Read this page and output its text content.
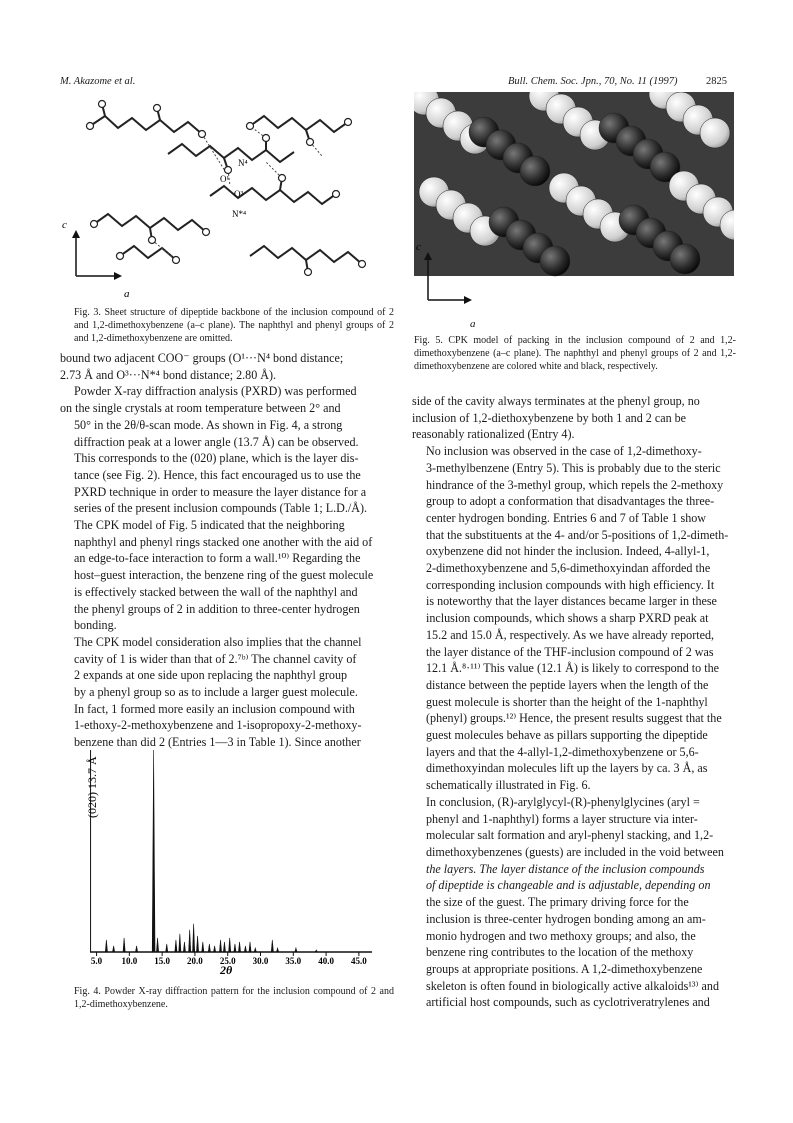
M. Akazome et al.	Bull. Chem. Soc. Jpn., 70, No. 11 (1997)	2825
N⁴
O¹
O³
N*⁴
c
a
Fig. 3. Sheet structure of dipeptide backbone of the inclusion compound of 2 and 1,2-dimethoxybenzene (a–c plane). The naphthyl and phenyl groups of 2 and 1,2-dimethoxybenzene are omitted.
c
a
Fig. 5. CPK model of packing in the inclusion compound of 2 and 1,2-dimethoxybenzene (a–c plane). The naphthyl and phenyl groups of 2 and 1,2-dimethoxybenzene are colored white and black, respectively.

bound two adjacent COO⁻ groups (O¹···N⁴ bond distance;
2.73 Å and O³···N*⁴ bond distance; 2.80 Å).

Powder X-ray diffraction analysis (PXRD) was performed
on the single crystals at room temperature between 2° and
50° in the 2θ/θ-scan mode. As shown in Fig. 4, a strong
diffraction peak at a lower angle (13.7 Å) can be observed.
This corresponds to the (020) plane, which is the layer dis-
tance (see Fig. 2). Hence, this fact encouraged us to use the
PXRD technique in order to measure the layer distance for a
series of the present inclusion compounds (Table 1; L.D./Å).

The CPK model of Fig. 5 indicated that the neighboring
naphthyl and phenyl rings stacked one another with the aid of
an edge-to-face interaction to form a wall.¹⁰⁾ Regarding the
host–guest interaction, the benzene ring of the guest molecule
is effectively stacked between the wall of the naphthyl and
the phenyl groups of 2 in addition to three-center hydrogen
bonding.

The CPK model consideration also implies that the channel
cavity of 1 is wider than that of 2.⁷ᵇ⁾ The channel cavity of
2 expands at one side upon replacing the naphthyl group
by a phenyl group so as to include a larger guest molecule.
In fact, 1 formed more easily an inclusion compound with
1-ethoxy-2-methoxybenzene and 1-isopropoxy-2-methoxy-
benzene than did 2 (Entries 1—3 in Table 1). Since another

5.0 10.0 15.0 20.0 25.0 30.0 35.0 40.0 45.0
(020) 13.7 Å
2θ
Fig. 4. Powder X-ray diffraction pattern for the inclusion compound of 2 and 1,2-dimethoxybenzene.

side of the cavity always terminates at the phenyl group, no
inclusion of 1,2-diethoxybenzene by both 1 and 2 can be
reasonably rationalized (Entry 4).

No inclusion was observed in the case of 1,2-dimethoxy-
3-methylbenzene (Entry 5). This is probably due to the steric
hindrance of the 3-methyl group, which repels the 2-methoxy
group to adopt a conformation that disadvantages the three-
center hydrogen bonding. Entries 6 and 7 of Table 1 show
that the substituents at the 4- and/or 5-positions of 1,2-dimeth-
oxybenzene did not hinder the inclusion. Indeed, 4-allyl-1,
2-dimethoxybenzene and 5,6-dimethoxyindan afforded the
corresponding inclusion compounds with high efficiency. It
is noteworthy that the layer distances became larger in these
inclusion compounds, which shows a sharp PXRD peak at
15.2 and 15.0 Å, respectively. As we have already reported,
the layer distance of the THF-inclusion compound of 2 was
12.1 Å.⁸·¹¹⁾ This value (12.1 Å) is likely to correspond to the
distance between the peptide layers when the length of the
guest molecule is shorter than the height of the 1-naphthyl
(phenyl) groups.¹²⁾ Hence, the present results suggest that the
guest molecules behave as pillars supporting the dipeptide
layers and that the 4-allyl-1,2-dimethoxybenzene or 5,6-
dimethoxyindan molecules lift up the layers by ca. 3 Å, as
schematically illustrated in Fig. 6.

In conclusion, (R)-arylglycyl-(R)-phenylglycines (aryl =
phenyl and 1-naphthyl) forms a layer structure via inter-
molecular salt formation and aryl-phenyl stacking, and 1,2-
dimethoxybenzenes (guests) are included in the void between
the layers. The layer distance of the inclusion compounds
of dipeptide is changeable and is adjustable, depending on
the size of the guest. The primary driving force for the
inclusion is three-center hydrogen bonding among an am-
monio hydrogen and two methoxy groups; and also, the
benzene ring contributes to the location of the methoxy
groups at appropriate positions. A 1,2-dimethoxybenzene
skeleton is often found in biologically active alkaloids¹³⁾ and
artificial host compounds, such as cyclotriveratrylenes and
